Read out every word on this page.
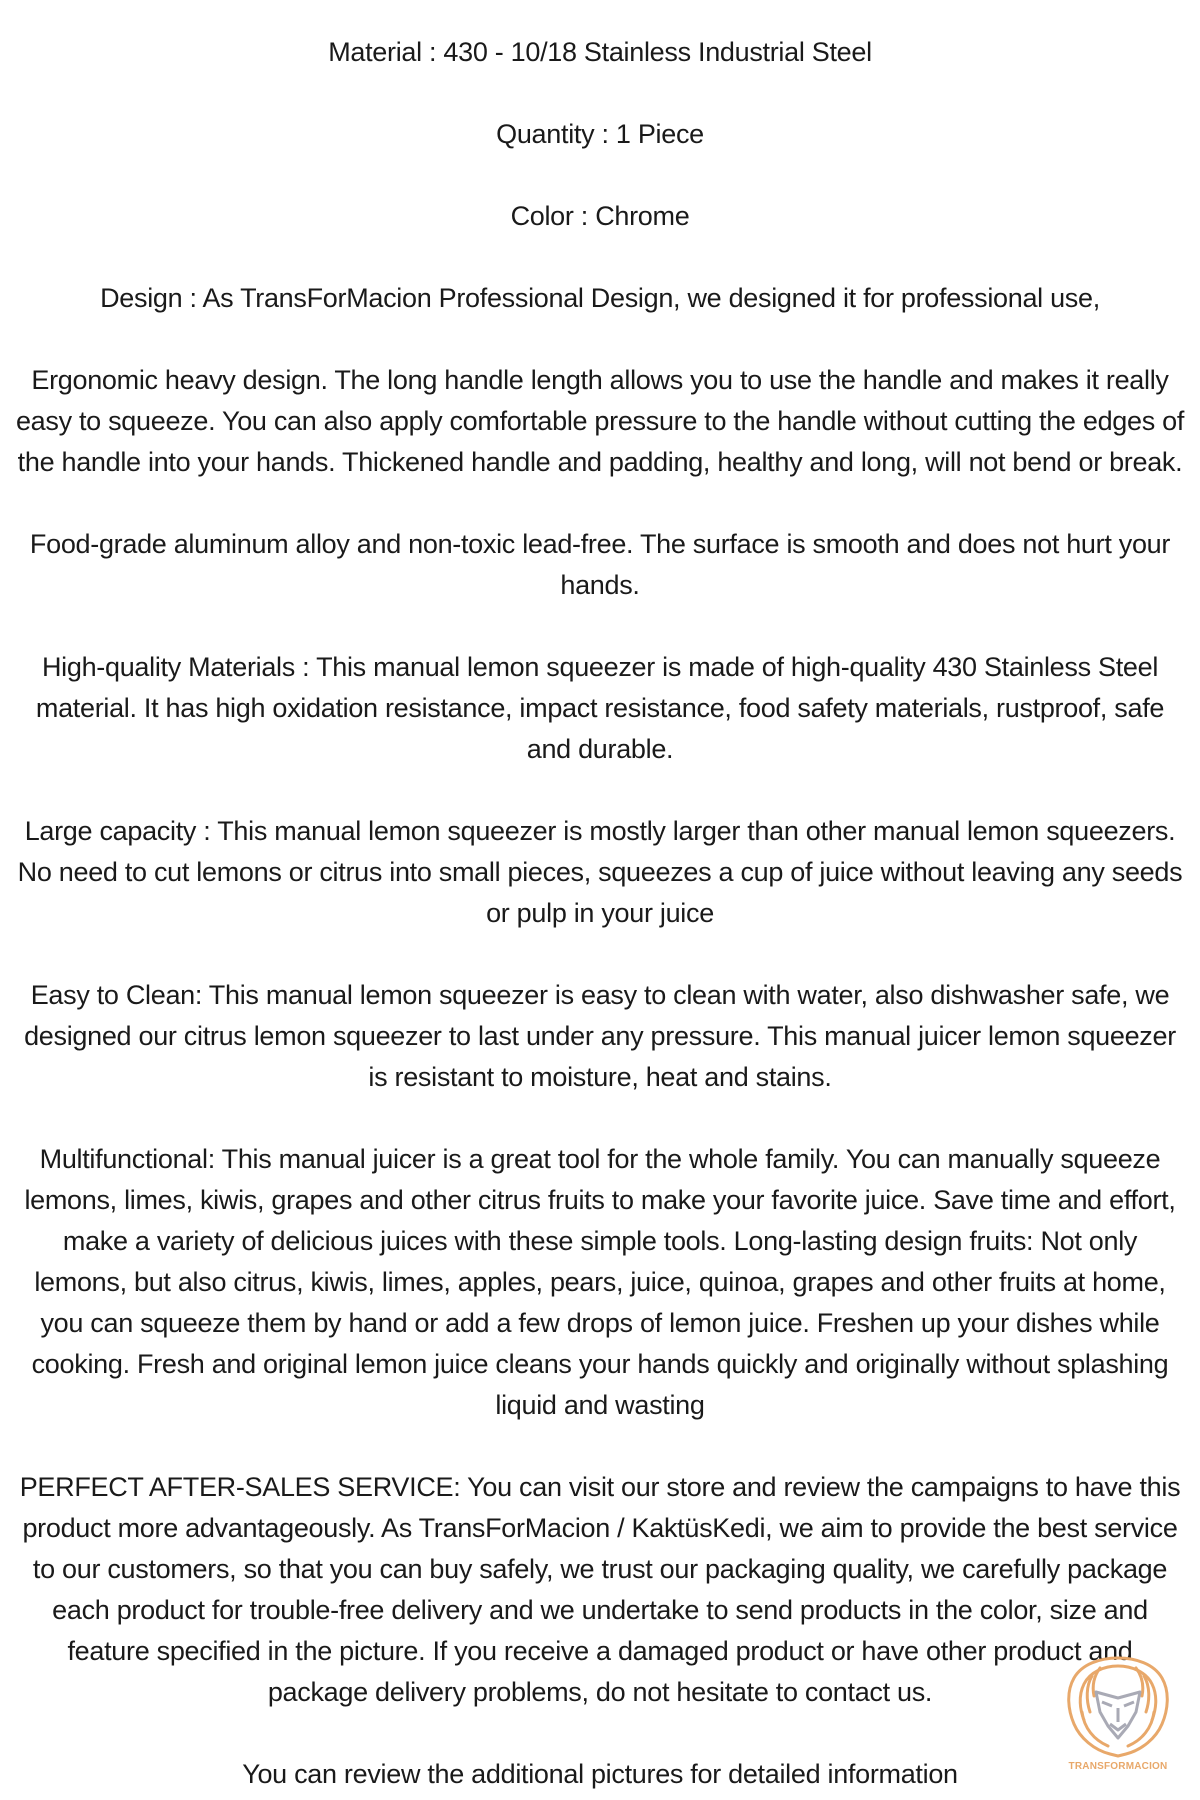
Material : 430 - 10/18 Stainless Industrial Steel

Quantity : 1 Piece

Color : Chrome

Design : As TransForMacion Professional Design, we designed it for professional use,

Ergonomic heavy design. The long handle length allows you to use the handle and makes it really easy to squeeze. You can also apply comfortable pressure to the handle without cutting the edges of the handle into your hands. Thickened handle and padding, healthy and long, will not bend or break.

Food-grade aluminum alloy and non-toxic lead-free. The surface is smooth and does not hurt your hands.

High-quality Materials : This manual lemon squeezer is made of high-quality 430 Stainless Steel material. It has high oxidation resistance, impact resistance, food safety materials, rustproof, safe and durable.

Large capacity : This manual lemon squeezer is mostly larger than other manual lemon squeezers. No need to cut lemons or citrus into small pieces, squeezes a cup of juice without leaving any seeds or pulp in your juice

Easy to Clean: This manual lemon squeezer is easy to clean with water, also dishwasher safe, we designed our citrus lemon squeezer to last under any pressure. This manual juicer lemon squeezer is resistant to moisture, heat and stains.

Multifunctional: This manual juicer is a great tool for the whole family. You can manually squeeze lemons, limes, kiwis, grapes and other citrus fruits to make your favorite juice. Save time and effort, make a variety of delicious juices with these simple tools. Long-lasting design fruits: Not only lemons, but also citrus, kiwis, limes, apples, pears, juice, quinoa, grapes and other fruits at home, you can squeeze them by hand or add a few drops of lemon juice. Freshen up your dishes while cooking. Fresh and original lemon juice cleans your hands quickly and originally without splashing liquid and wasting

PERFECT AFTER-SALES SERVICE: You can visit our store and review the campaigns to have this product more advantageously. As TransForMacion / KaktüsKedi, we aim to provide the best service to our customers, so that you can buy safely, we trust our packaging quality, we carefully package each product for trouble-free delivery and we undertake to send products in the color, size and feature specified in the picture. If you receive a damaged product or have other product and package delivery problems, do not hesitate to contact us.

You can review the additional pictures for detailed information	TRANSFORMACION
